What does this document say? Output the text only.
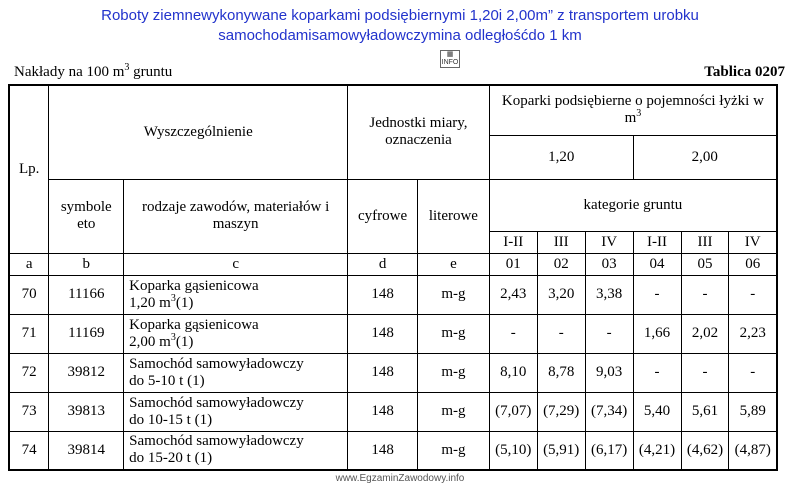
Roboty ziemnewykonywane koparkami podsiębiernymi 1,20i 2,00m” z transportem urobku
samochodamisamowyładowczymina odległośćdo 1 km
▦
INFO
Nakłady na 100 $m^3$ gruntu	Tablica 0207
Lp.	Wyszczególnienie		Jednostki miary, oznaczenia		Koparki podsiębierne o pojemności łyżki w $m^3$
					1,20			2,00		
	symbole eto	rodzaje zawodów, materiałów i maszyn	cyfrowe	literowe	kategorie gruntu					
					I-II	III	IV	I-II	III	IV
a	b	c	d	e	01	02	03	04	05	06
70	11166	Koparka gąsienicowa
1,20 $m^3(1)$	148	m-g	2,43	3,20	3,38	-	-	-
71	11169	Koparka gąsienicowa
2,00 $m^3(1)$	148	m-g	-	-	-	1,66	2,02	2,23
72	39812	Samochód samowyładowczy
do 5-10 t (1)	148	m-g	8,10	8,78	9,03	-	-	-
73	39813	Samochód samowyładowczy
do 10-15 t (1)	148	m-g	(7,07)	(7,29)	(7,34)	5,40	5,61	5,89
74	39814	Samochód samowyładowczy
do 15-20 t (1)	148	m-g	(5,10)	(5,91)	(6,17)	(4,21)	(4,62)	(4,87)
www.EgzaminZawodowy.info
